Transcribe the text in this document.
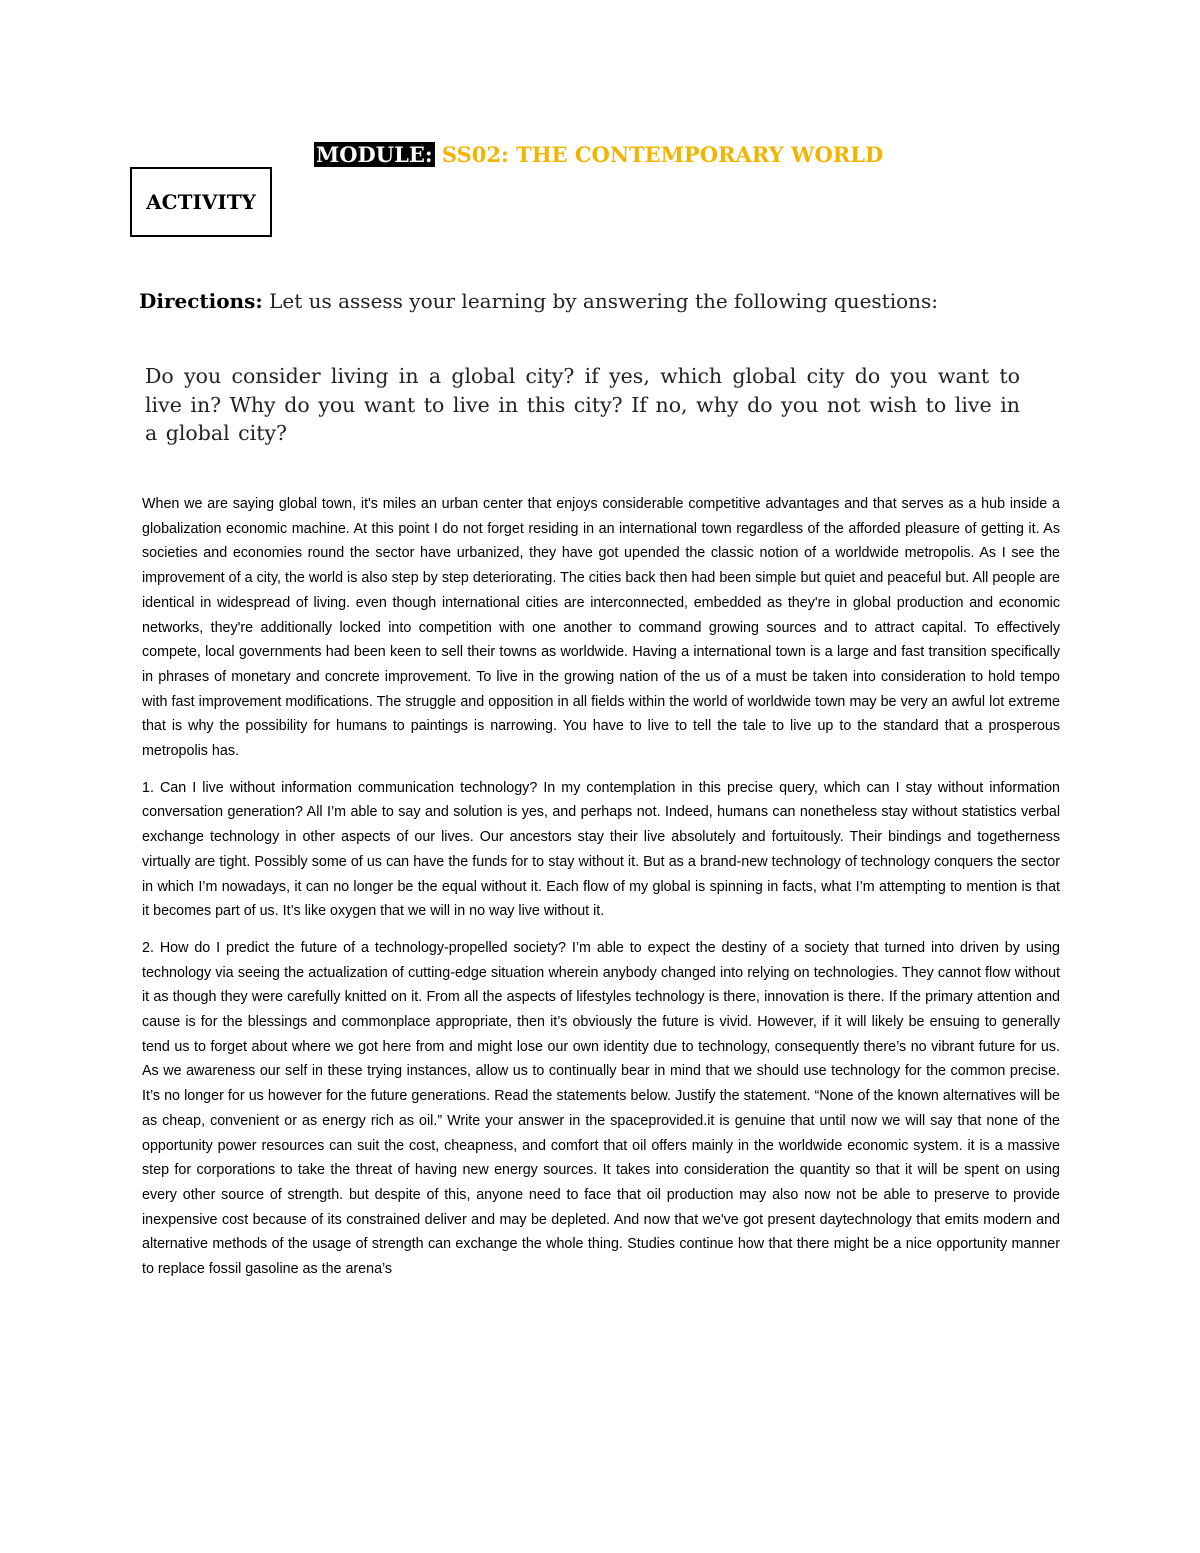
MODULE: SS02: THE CONTEMPORARY WORLD
ACTIVITY
Directions: Let us assess your learning by answering the following questions:
Do you consider living in a global city? if yes, which global city do you want to live in? Why do you want to live in this city? If no, why do you not wish to live in a global city?

When we are saying global town, it's miles an urban center that enjoys considerable competitive advantages and that serves as a hub inside a globalization economic machine. At this point I do not forget residing in an international town regardless of the afforded pleasure of getting it. As societies and economies round the sector have urbanized, they have got upended the classic notion of a worldwide metropolis. As I see the improvement of a city, the world is also step by step deteriorating. The cities back then had been simple but quiet and peaceful but. All people are identical in widespread of living. even though international cities are interconnected, embedded as they're in global production and economic networks, they're additionally locked into competition with one another to command growing sources and to attract capital. To effectively compete, local governments had been keen to sell their towns as worldwide. Having a international town is a large and fast transition specifically in phrases of monetary and concrete improvement. To live in the growing nation of the us of a must be taken into consideration to hold tempo with fast improvement modifications. The struggle and opposition in all fields within the world of worldwide town may be very an awful lot extreme that is why the possibility for humans to paintings is narrowing. You have to live to tell the tale to live up to the standard that a prosperous metropolis has.

1. Can I live without information communication technology? In my contemplation in this precise query, which can I stay without information conversation generation? All I’m able to say and solution is yes, and perhaps not. Indeed, humans can nonetheless stay without statistics verbal exchange technology in other aspects of our lives. Our ancestors stay their live absolutely and fortuitously. Their bindings and togetherness virtually are tight. Possibly some of us can have the funds for to stay without it. But as a brand-new technology of technology conquers the sector in which I’m nowadays, it can no longer be the equal without it. Each flow of my global is spinning in facts, what I’m attempting to mention is that it becomes part of us. It’s like oxygen that we will in no way live without it.

2. How do I predict the future of a technology-propelled society? I’m able to expect the destiny of a society that turned into driven by using technology via seeing the actualization of cutting-edge situation wherein anybody changed into relying on technologies. They cannot flow without it as though they were carefully knitted on it. From all the aspects of lifestyles technology is there, innovation is there. If the primary attention and cause is for the blessings and commonplace appropriate, then it’s obviously the future is vivid. However, if it will likely be ensuing to generally tend us to forget about where we got here from and might lose our own identity due to technology, consequently there’s no vibrant future for us. As we awareness our self in these trying instances, allow us to continually bear in mind that we should use technology for the common precise. It’s no longer for us however for the future generations. Read the statements below. Justify the statement. “None of the known alternatives will be as cheap, convenient or as energy rich as oil.” Write your answer in the spaceprovided.it is genuine that until now we will say that none of the opportunity power resources can suit the cost, cheapness, and comfort that oil offers mainly in the worldwide economic system. it is a massive step for corporations to take the threat of having new energy sources. It takes into consideration the quantity so that it will be spent on using every other source of strength. but despite of this, anyone need to face that oil production may also now not be able to preserve to provide inexpensive cost because of its constrained deliver and may be depleted. And now that we've got present daytechnology that emits modern and alternative methods of the usage of strength can exchange the whole thing. Studies continue how that there might be a nice opportunity manner to replace fossil gasoline as the arena’s
